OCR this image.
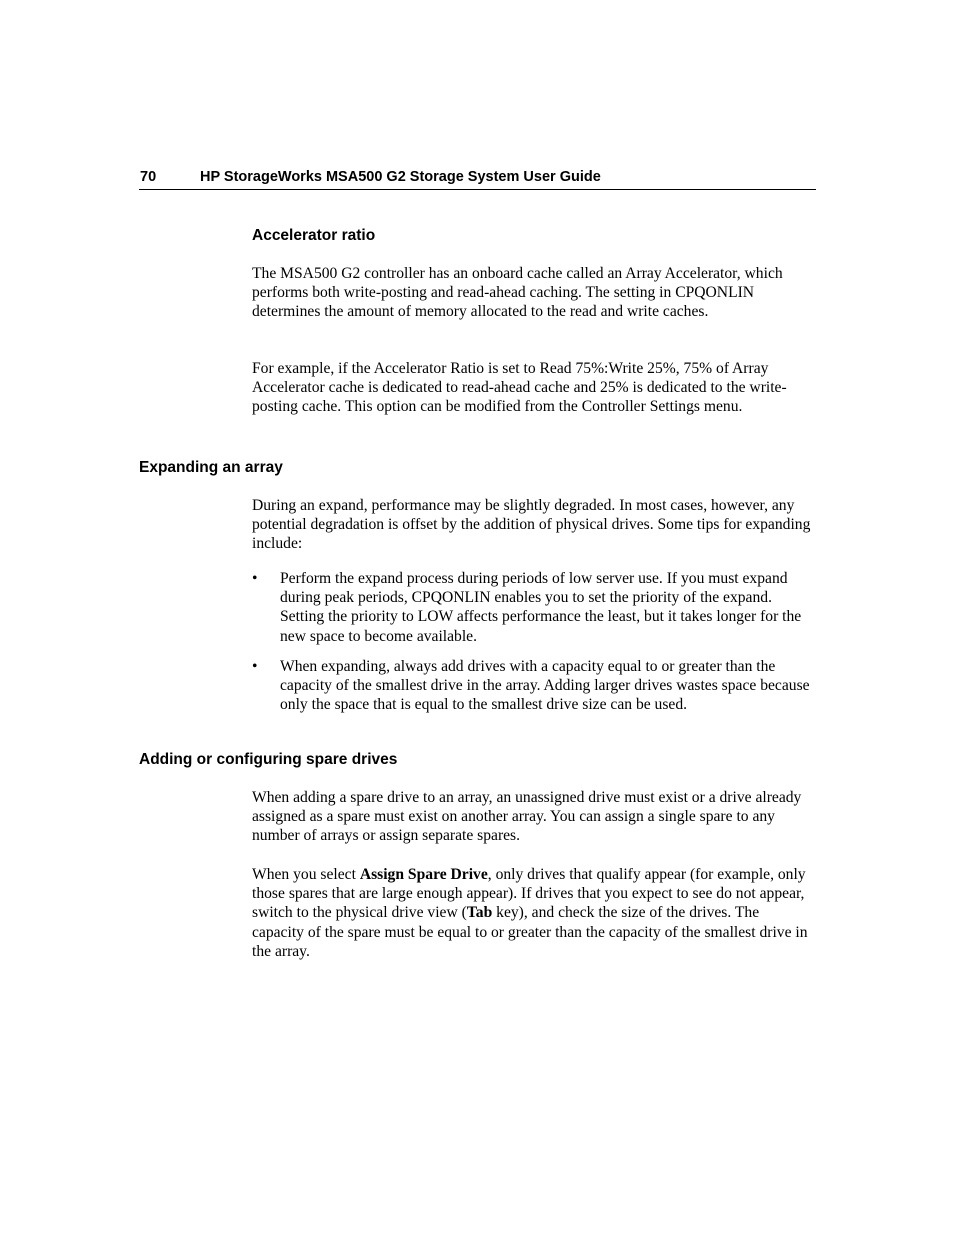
70	HP StorageWorks MSA500 G2 Storage System User Guide
Accelerator ratio
The MSA500 G2 controller has an onboard cache called an Array Accelerator, which performs both write-posting and read-ahead caching. The setting in CPQONLIN determines the amount of memory allocated to the read and write caches.
For example, if the Accelerator Ratio is set to Read 75%:Write 25%, 75% of Array Accelerator cache is dedicated to read-ahead cache and 25% is dedicated to the write-posting cache. This option can be modified from the Controller Settings menu.
Expanding an array
During an expand, performance may be slightly degraded. In most cases, however, any potential degradation is offset by the addition of physical drives. Some tips for expanding include:
• Perform the expand process during periods of low server use. If you must expand during peak periods, CPQONLIN enables you to set the priority of the expand. Setting the priority to LOW affects performance the least, but it takes longer for the new space to become available.
• When expanding, always add drives with a capacity equal to or greater than the capacity of the smallest drive in the array. Adding larger drives wastes space because only the space that is equal to the smallest drive size can be used.
Adding or configuring spare drives
When adding a spare drive to an array, an unassigned drive must exist or a drive already assigned as a spare must exist on another array. You can assign a single spare to any number of arrays or assign separate spares.
When you select Assign Spare Drive, only drives that qualify appear (for example, only those spares that are large enough appear). If drives that you expect to see do not appear, switch to the physical drive view (Tab key), and check the size of the drives. The capacity of the spare must be equal to or greater than the capacity of the smallest drive in the array.
